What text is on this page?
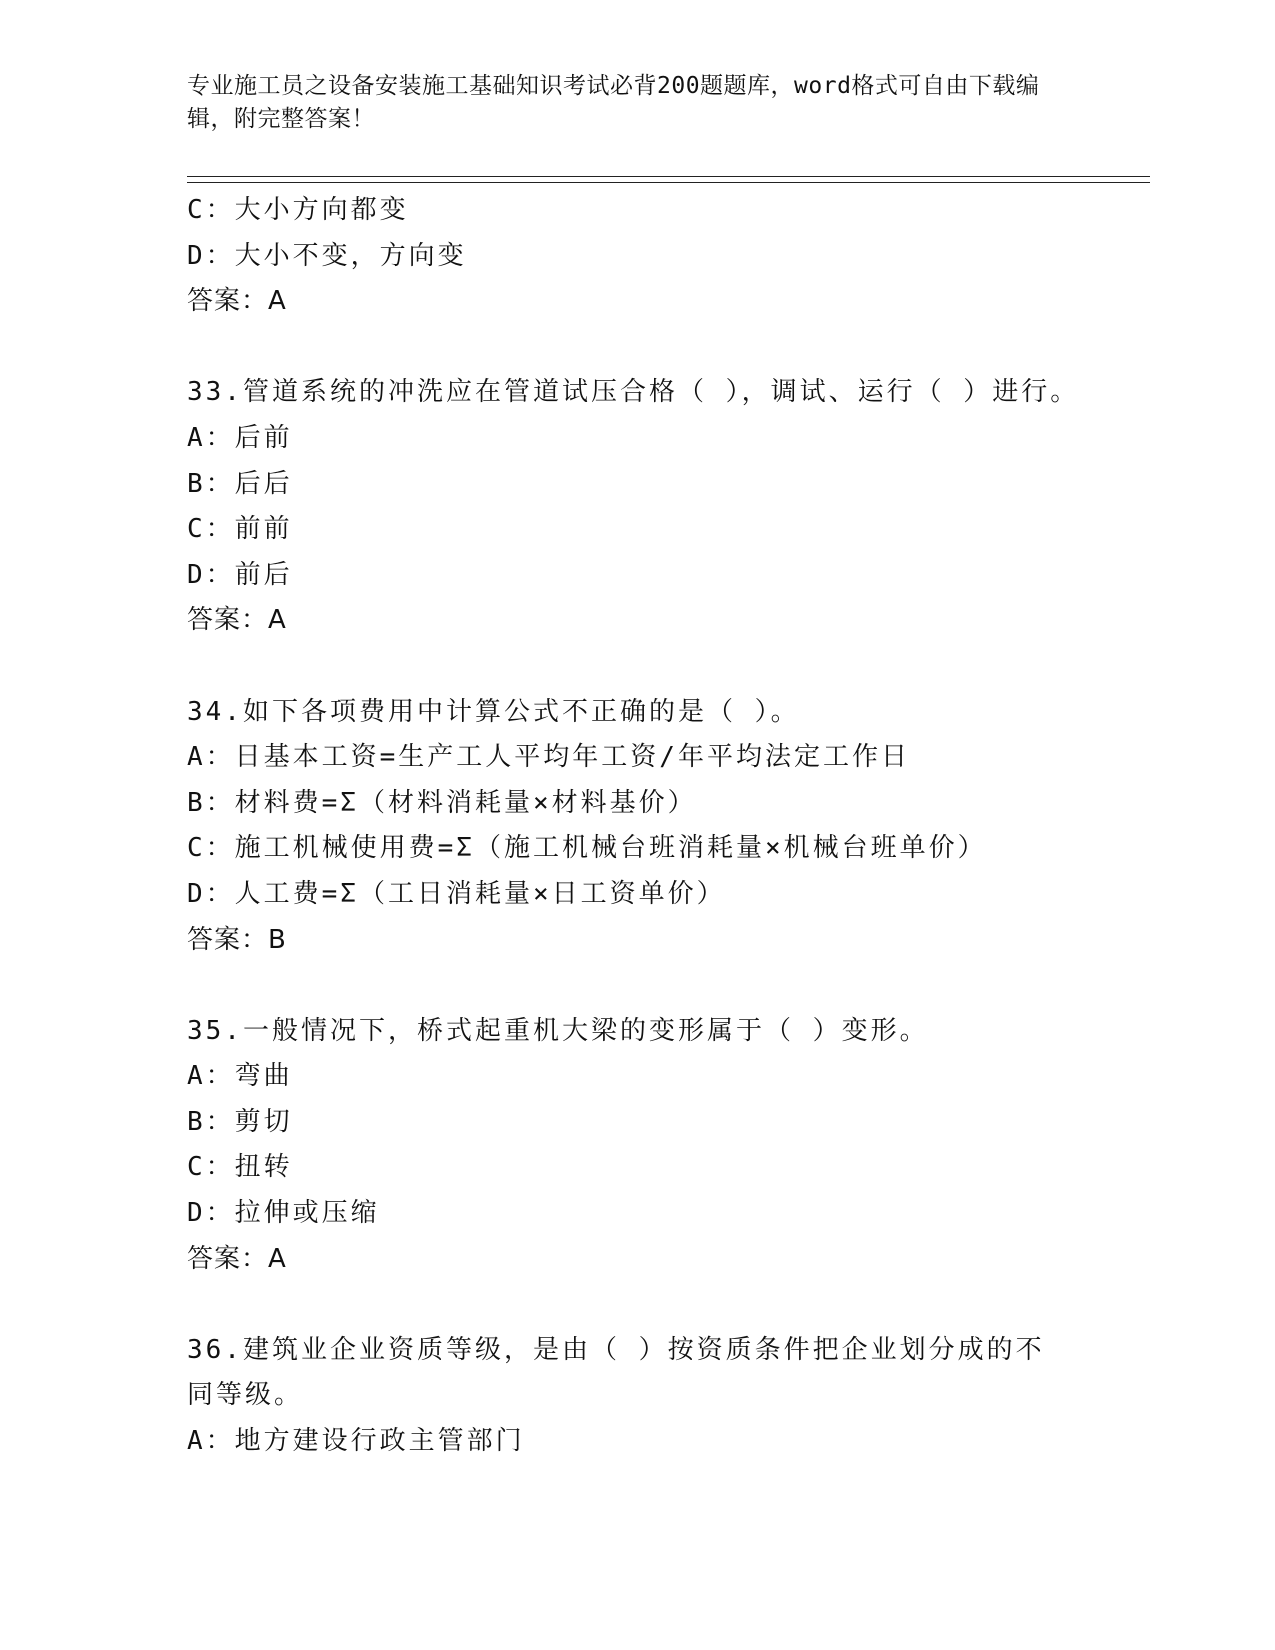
专业施工员之设备安装施工基础知识考试必背200题题库，word格式可自由下载编辑，附完整答案！
C：大小方向都变
D：大小不变，方向变
答案：A
33.管道系统的冲洗应在管道试压合格（ ），调试、运行（ ）进行。
A：后前
B：后后
C：前前
D：前后
答案：A
34.如下各项费用中计算公式不正确的是（ ）。
A：日基本工资=生产工人平均年工资/年平均法定工作日
B：材料费=Σ（材料消耗量×材料基价）
C：施工机械使用费=Σ（施工机械台班消耗量×机械台班单价）
D：人工费=Σ（工日消耗量×日工资单价）
答案：B
35.一般情况下，桥式起重机大梁的变形属于（ ）变形。
A：弯曲
B：剪切
C：扭转
D：拉伸或压缩
答案：A
36.建筑业企业资质等级，是由（ ）按资质条件把企业划分成的不同等级。
A：地方建设行政主管部门
